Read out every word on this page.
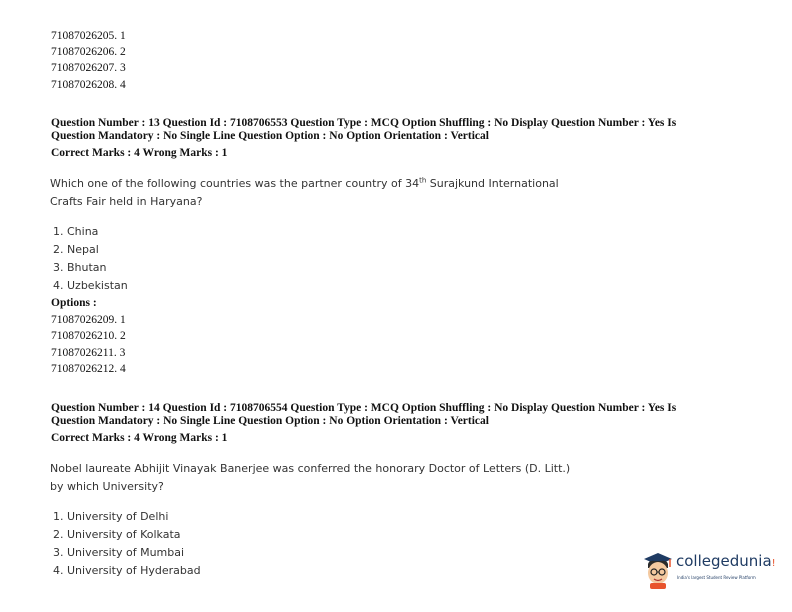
71087026205. 1
71087026206. 2
71087026207. 3
71087026208. 4
Question Number : 13 Question Id : 7108706553 Question Type : MCQ Option Shuffling : No Display Question Number : Yes Is
Question Mandatory : No Single Line Question Option : No Option Orientation : Vertical
Correct Marks : 4 Wrong Marks : 1
Which one of the following countries was the partner country of 34th Surajkund International
Crafts Fair held in Haryana?
1. China
2. Nepal
3. Bhutan
4. Uzbekistan
Options :
71087026209. 1
71087026210. 2
71087026211. 3
71087026212. 4
Question Number : 14 Question Id : 7108706554 Question Type : MCQ Option Shuffling : No Display Question Number : Yes Is
Question Mandatory : No Single Line Question Option : No Option Orientation : Vertical
Correct Marks : 4 Wrong Marks : 1
Nobel laureate Abhijit Vinayak Banerjee was conferred the honorary Doctor of Letters (D. Litt.)
by which University?
1. University of Delhi
2. University of Kolkata
3. University of Mumbai
4. University of Hyderabad
collegedunia!
India's largest Student Review Platform
